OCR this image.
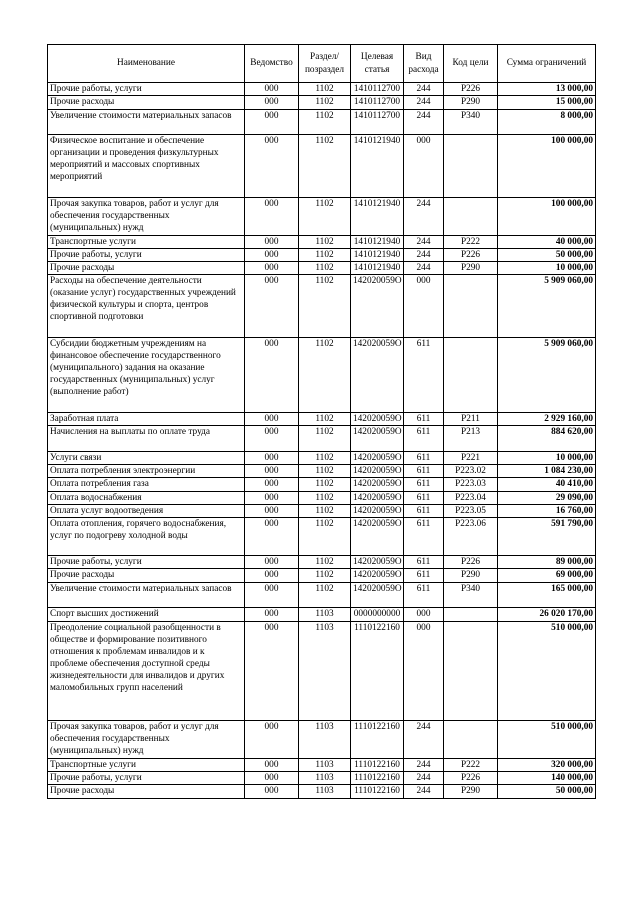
Наименование	Ведомство	Раздел/ позраздел	Целевая статья	Вид расхода	Код цели	Сумма ограничений
Прочие работы, услуги	000	1102	1410112700	244	Р226	13 000,00
Прочие расходы	000	1102	1410112700	244	Р290	15 000,00
Увеличение стоимости материальных запасов	000	1102	1410112700	244	Р340	8 000,00
Физическое воспитание и обеспечение организации и проведения физкультурных мероприятий и массовых спортивных мероприятий	000	1102	1410121940	000		100 000,00
Прочая закупка товаров, работ и услуг для обеспечения государственных (муниципальных) нужд	000	1102	1410121940	244		100 000,00
Транспортные услуги	000	1102	1410121940	244	Р222	40 000,00
Прочие работы, услуги	000	1102	1410121940	244	Р226	50 000,00
Прочие расходы	000	1102	1410121940	244	Р290	10 000,00
Расходы на обеспечение деятельности (оказание услуг) государственных учреждений физической культуры и спорта, центров спортивной подготовки	000	1102	142020059О	000		5 909 060,00
Субсидии бюджетным учреждениям на финансовое обеспечение государственного (муниципального) задания на оказание государственных (муниципальных) услуг (выполнение работ)	000	1102	142020059О	611		5 909 060,00
Заработная плата	000	1102	142020059О	611	Р211	2 929 160,00
Начисления на выплаты по оплате труда	000	1102	142020059О	611	Р213	884 620,00
Услуги связи	000	1102	142020059О	611	Р221	10 000,00
Оплата потребления электроэнергии	000	1102	142020059О	611	Р223.02	1 084 230,00
Оплата потребления газа	000	1102	142020059О	611	Р223.03	40 410,00
Оплата водоснабжения	000	1102	142020059О	611	Р223.04	29 090,00
Оплата услуг водоотведения	000	1102	142020059О	611	Р223.05	16 760,00
Оплата отопления, горячего водоснабжения, услуг по подогреву холодной воды	000	1102	142020059О	611	Р223.06	591 790,00
Прочие работы, услуги	000	1102	142020059О	611	Р226	89 000,00
Прочие расходы	000	1102	142020059О	611	Р290	69 000,00
Увеличение стоимости материальных запасов	000	1102	142020059О	611	Р340	165 000,00
Спорт высших достижений	000	1103	0000000000	000		26 020 170,00
Преодоление социальной разобщенности в обществе и формирование позитивного отношения к проблемам инвалидов и к проблеме обеспечения доступной среды жизнедеятельности для инвалидов и других маломобильных групп населений	000	1103	1110122160	000		510 000,00
Прочая закупка товаров, работ и услуг для обеспечения государственных (муниципальных) нужд	000	1103	1110122160	244		510 000,00
Транспортные услуги	000	1103	1110122160	244	Р222	320 000,00
Прочие работы, услуги	000	1103	1110122160	244	Р226	140 000,00
Прочие расходы	000	1103	1110122160	244	Р290	50 000,00
